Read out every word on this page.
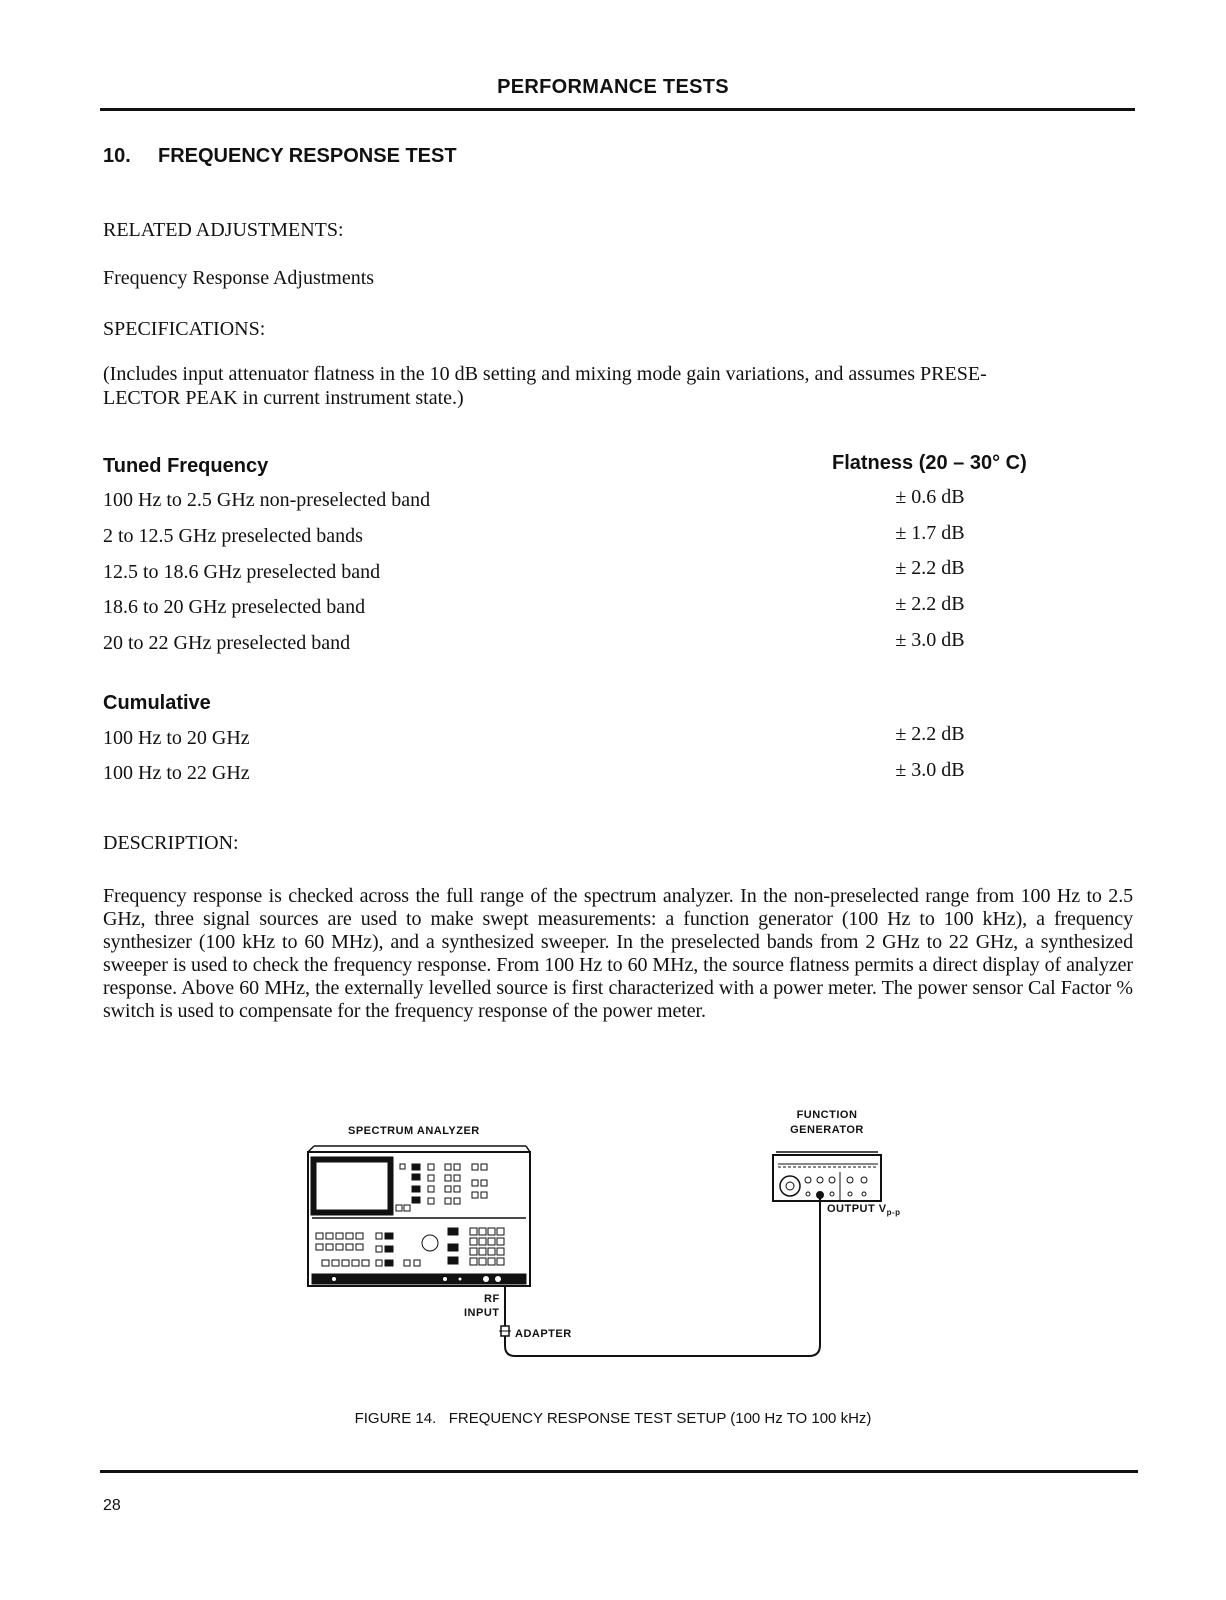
PERFORMANCE TESTS
10. FREQUENCY RESPONSE TEST
RELATED ADJUSTMENTS:
Frequency Response Adjustments
SPECIFICATIONS:
(Includes input attenuator flatness in the 10 dB setting and mixing mode gain variations, and assumes PRESE-
LECTOR PEAK in current instrument state.)
Tuned Frequency	Flatness (20 – 30° C)
100 Hz to 2.5 GHz non-preselected band	± 0.6 dB
2 to 12.5 GHz preselected bands	± 1.7 dB
12.5 to 18.6 GHz preselected band	± 2.2 dB
18.6 to 20 GHz preselected band	± 2.2 dB
20 to 22 GHz preselected band	± 3.0 dB
Cumulative
100 Hz to 20 GHz	± 2.2 dB
100 Hz to 22 GHz	± 3.0 dB
DESCRIPTION:
Frequency response is checked across the full range of the spectrum analyzer. In the non-preselected range from 100 Hz to 2.5 GHz, three signal sources are used to make swept measurements: a function generator (100 Hz to 100 kHz), a frequency synthesizer (100 kHz to 60 MHz), and a synthesized sweeper. In the preselected bands from 2 GHz to 22 GHz, a synthesized sweeper is used to check the frequency response. From 100 Hz to 60 MHz, the source flatness permits a direct display of analyzer response. Above 60 MHz, the externally levelled source is first characterized with a power meter. The power sensor Cal Factor % switch is used to compensate for the frequency response of the power meter.
SPECTRUM ANALYZER
FUNCTION
GENERATOR
OUTPUT $V_{p-p}$
RF
INPUT
ADAPTER
FIGURE 14.   FREQUENCY RESPONSE TEST SETUP (100 Hz TO 100 kHz)
28
